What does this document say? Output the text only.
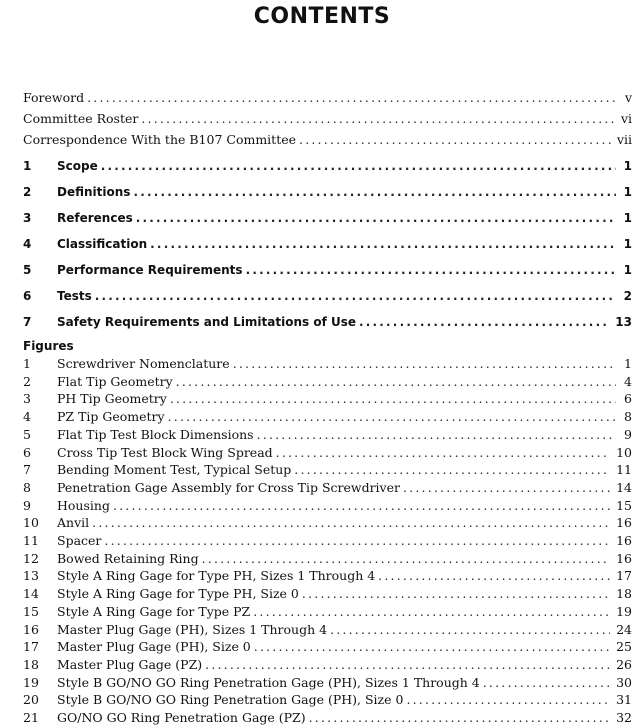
CONTENTS
Foreword .....	v
Committee Roster .....	vi
Correspondence With the B107 Committee .....	vii
1	Scope .....	1
2	Definitions .....	1
3	References .....	1
4	Classification .....	1
5	Performance Requirements .....	1
6	Tests .....	2
7	Safety Requirements and Limitations of Use .....	13
Figures
1	Screwdriver Nomenclature .....	1
2	Flat Tip Geometry .....	4
3	PH Tip Geometry .....	6
4	PZ Tip Geometry .....	8
5	Flat Tip Test Block Dimensions .....	9
6	Cross Tip Test Block Wing Spread .....	10
7	Bending Moment Test, Typical Setup .....	11
8	Penetration Gage Assembly for Cross Tip Screwdriver .....	14
9	Housing .....	15
10	Anvil .....	16
11	Spacer .....	16
12	Bowed Retaining Ring .....	16
13	Style A Ring Gage for Type PH, Sizes 1 Through 4 .....	17
14	Style A Ring Gage for Type PH, Size 0 .....	18
15	Style A Ring Gage for Type PZ .....	19
16	Master Plug Gage (PH), Sizes 1 Through 4 .....	24
17	Master Plug Gage (PH), Size 0 .....	25
18	Master Plug Gage (PZ) .....	26
19	Style B GO/NO GO Ring Penetration Gage (PH), Sizes 1 Through 4 .....	30
20	Style B GO/NO GO Ring Penetration Gage (PH), Size 0 .....	31
21	GO/NO GO Ring Penetration Gage (PZ) .....	32
